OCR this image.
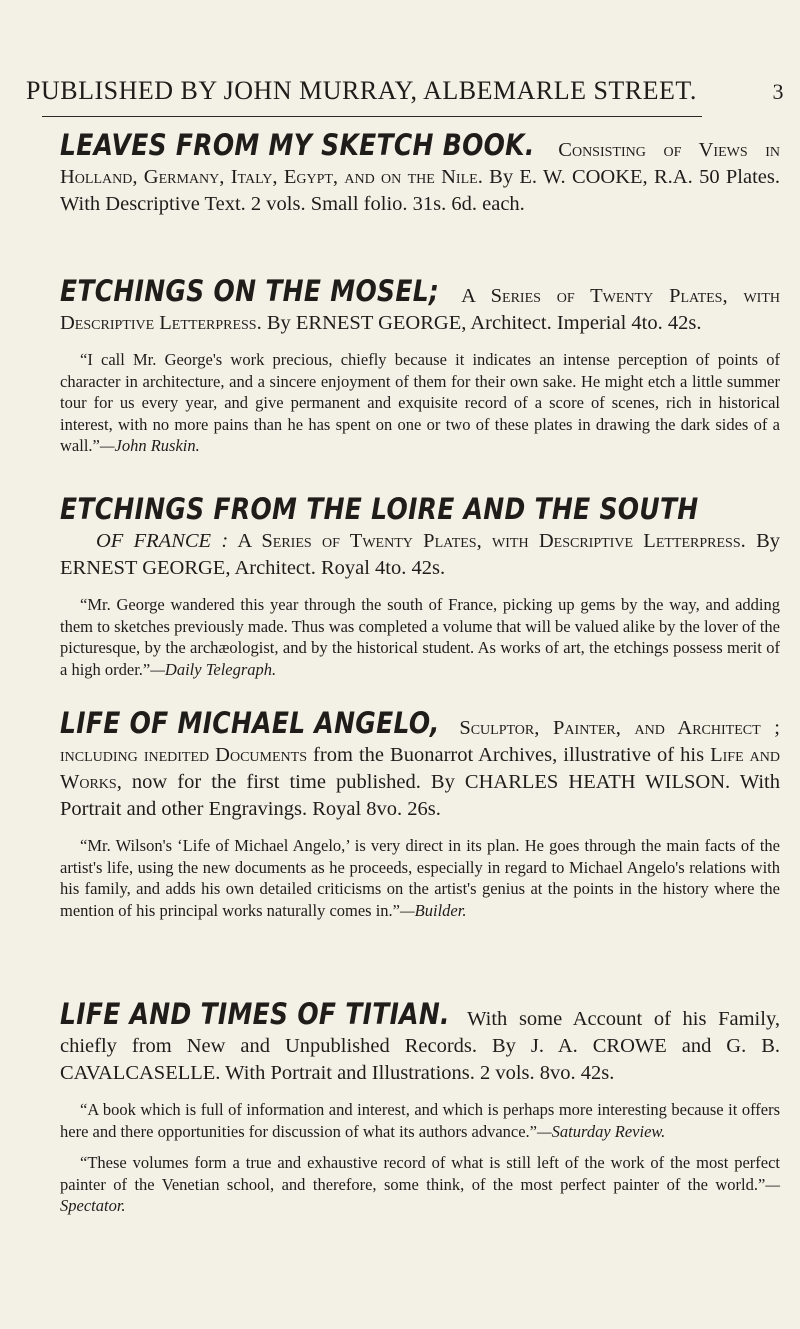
PUBLISHED BY JOHN MURRAY, ALBEMARLE STREET.	3

LEAVES FROM MY SKETCH BOOK. Consisting of Views in Holland, Germany, Italy, Egypt, and on the Nile. By E. W. COOKE, R.A. 50 Plates. With Descriptive Text. 2 vols. Small folio. 31s. 6d. each.

ETCHINGS ON THE MOSEL; A Series of Twenty Plates, with Descriptive Letterpress. By ERNEST GEORGE, Architect. Imperial 4to. 42s.

“I call Mr. George's work precious, chiefly because it indicates an intense perception of points of character in architecture, and a sincere enjoyment of them for their own sake. He might etch a little summer tour for us every year, and give permanent and exquisite record of a score of scenes, rich in historical interest, with no more pains than he has spent on one or two of these plates in drawing the dark sides of a wall.”—John Ruskin.

ETCHINGS FROM THE LOIRE AND THE SOUTH
OF FRANCE : A Series of Twenty Plates, with Descriptive Letterpress. By ERNEST GEORGE, Architect. Royal 4to. 42s.

“Mr. George wandered this year through the south of France, picking up gems by the way, and adding them to sketches previously made. Thus was completed a volume that will be valued alike by the lover of the picturesque, by the archæologist, and by the historical student. As works of art, the etchings possess merit of a high order.”—Daily Telegraph.

LIFE OF MICHAEL ANGELO, Sculptor, Painter, and Architect ; including inedited Documents from the Buonarrot Archives, illustrative of his Life and Works, now for the first time published. By CHARLES HEATH WILSON. With Portrait and other Engravings. Royal 8vo. 26s.

“Mr. Wilson's ‘Life of Michael Angelo,’ is very direct in its plan. He goes through the main facts of the artist's life, using the new documents as he proceeds, especially in regard to Michael Angelo's relations with his family, and adds his own detailed criticisms on the artist's genius at the points in the history where the mention of his principal works naturally comes in.”—Builder.

LIFE AND TIMES OF TITIAN. With some Account of his Family, chiefly from New and Unpublished Records. By J. A. CROWE and G. B. CAVALCASELLE. With Portrait and Illustrations. 2 vols. 8vo. 42s.

“A book which is full of information and interest, and which is perhaps more interesting because it offers here and there opportunities for discussion of what its authors advance.”—Saturday Review.

“These volumes form a true and exhaustive record of what is still left of the work of the most perfect painter of the Venetian school, and therefore, some think, of the most perfect painter of the world.”—Spectator.
